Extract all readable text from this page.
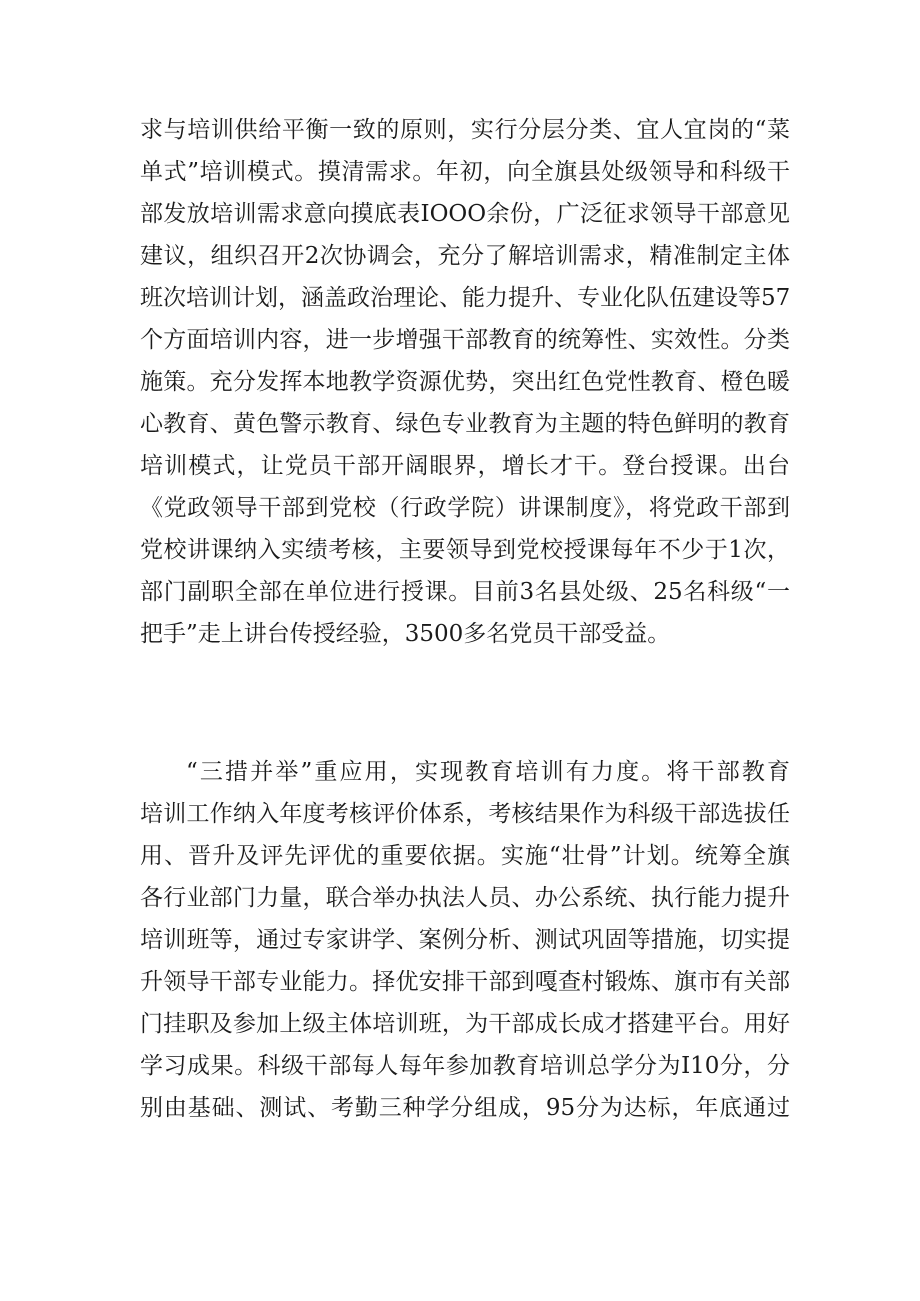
求与培训供给平衡一致的原则，实行分层分类、宜人宜岗的“菜
单式”培训模式。摸清需求。年初，向全旗县处级领导和科级干
部发放培训需求意向摸底表IOOO余份，广泛征求领导干部意见
建议，组织召开2次协调会，充分了解培训需求，精准制定主体
班次培训计划，涵盖政治理论、能力提升、专业化队伍建设等57
个方面培训内容，进一步增强干部教育的统筹性、实效性。分类
施策。充分发挥本地教学资源优势，突出红色党性教育、橙色暖
心教育、黄色警示教育、绿色专业教育为主题的特色鲜明的教育
培训模式，让党员干部开阔眼界，增长才干。登台授课。出台
《党政领导干部到党校（行政学院）讲课制度》，将党政干部到
党校讲课纳入实绩考核，主要领导到党校授课每年不少于1次，
部门副职全部在单位进行授课。目前3名县处级、25名科级“一
把手”走上讲台传授经验，3500多名党员干部受益。
“三措并举”重应用，实现教育培训有力度。将干部教育
培训工作纳入年度考核评价体系，考核结果作为科级干部选拔任
用、晋升及评先评优的重要依据。实施“壮骨”计划。统筹全旗
各行业部门力量，联合举办执法人员、办公系统、执行能力提升
培训班等，通过专家讲学、案例分析、测试巩固等措施，切实提
升领导干部专业能力。择优安排干部到嘎查村锻炼、旗市有关部
门挂职及参加上级主体培训班，为干部成长成才搭建平台。用好
学习成果。科级干部每人每年参加教育培训总学分为I10分，分
别由基础、测试、考勤三种学分组成，95分为达标，年底通过
